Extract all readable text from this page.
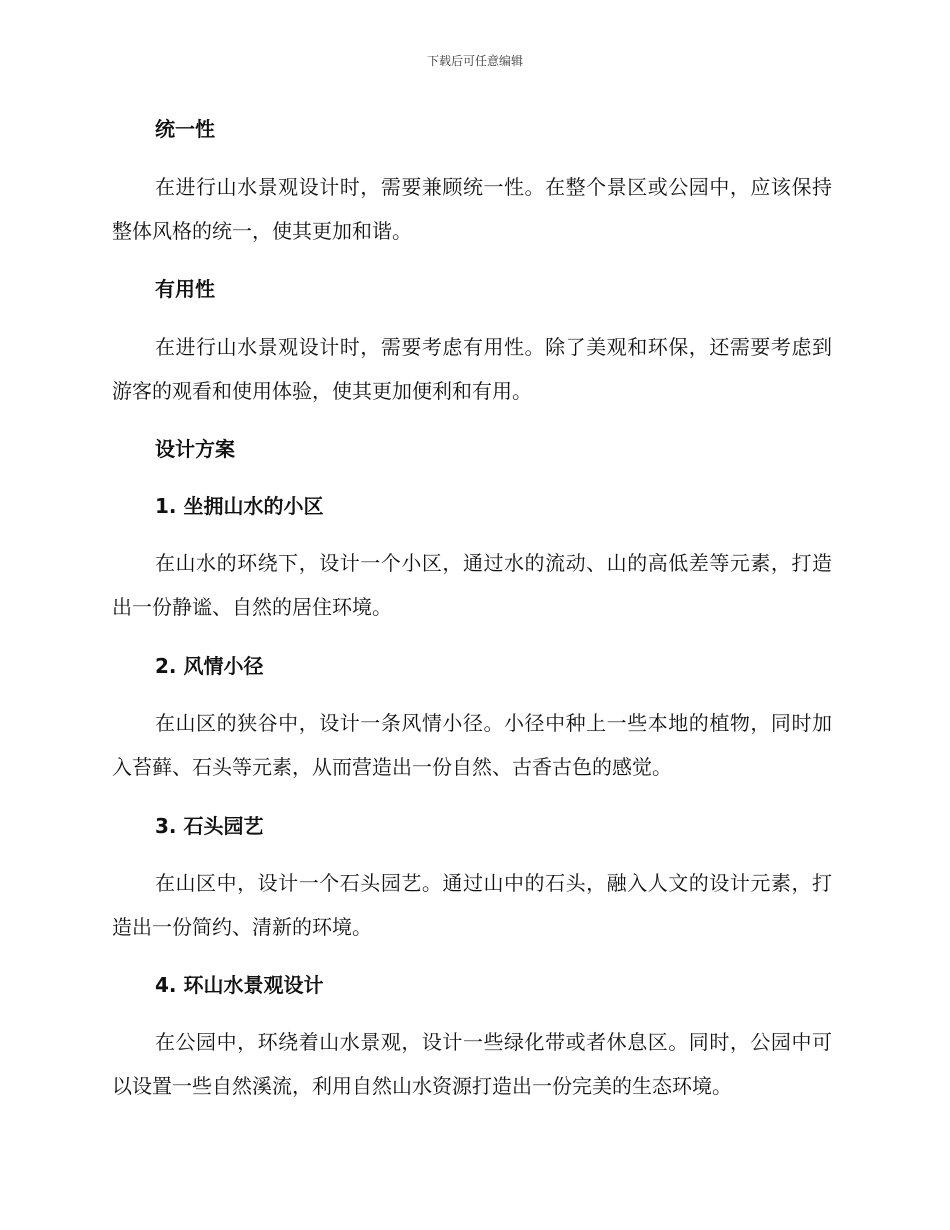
下载后可任意编辑
统一性
在进行山水景观设计时，需要兼顾统一性。在整个景区或公园中，应该保持整体风格的统一，使其更加和谐。
有用性
在进行山水景观设计时，需要考虑有用性。除了美观和环保，还需要考虑到游客的观看和使用体验，使其更加便利和有用。
设计方案
1. 坐拥山水的小区
在山水的环绕下，设计一个小区，通过水的流动、山的高低差等元素，打造出一份静谧、自然的居住环境。
2. 风情小径
在山区的狭谷中，设计一条风情小径。小径中种上一些本地的植物，同时加入苔藓、石头等元素，从而营造出一份自然、古香古色的感觉。
3. 石头园艺
在山区中，设计一个石头园艺。通过山中的石头，融入人文的设计元素，打造出一份简约、清新的环境。
4. 环山水景观设计
在公园中，环绕着山水景观，设计一些绿化带或者休息区。同时，公园中可以设置一些自然溪流，利用自然山水资源打造出一份完美的生态环境。
